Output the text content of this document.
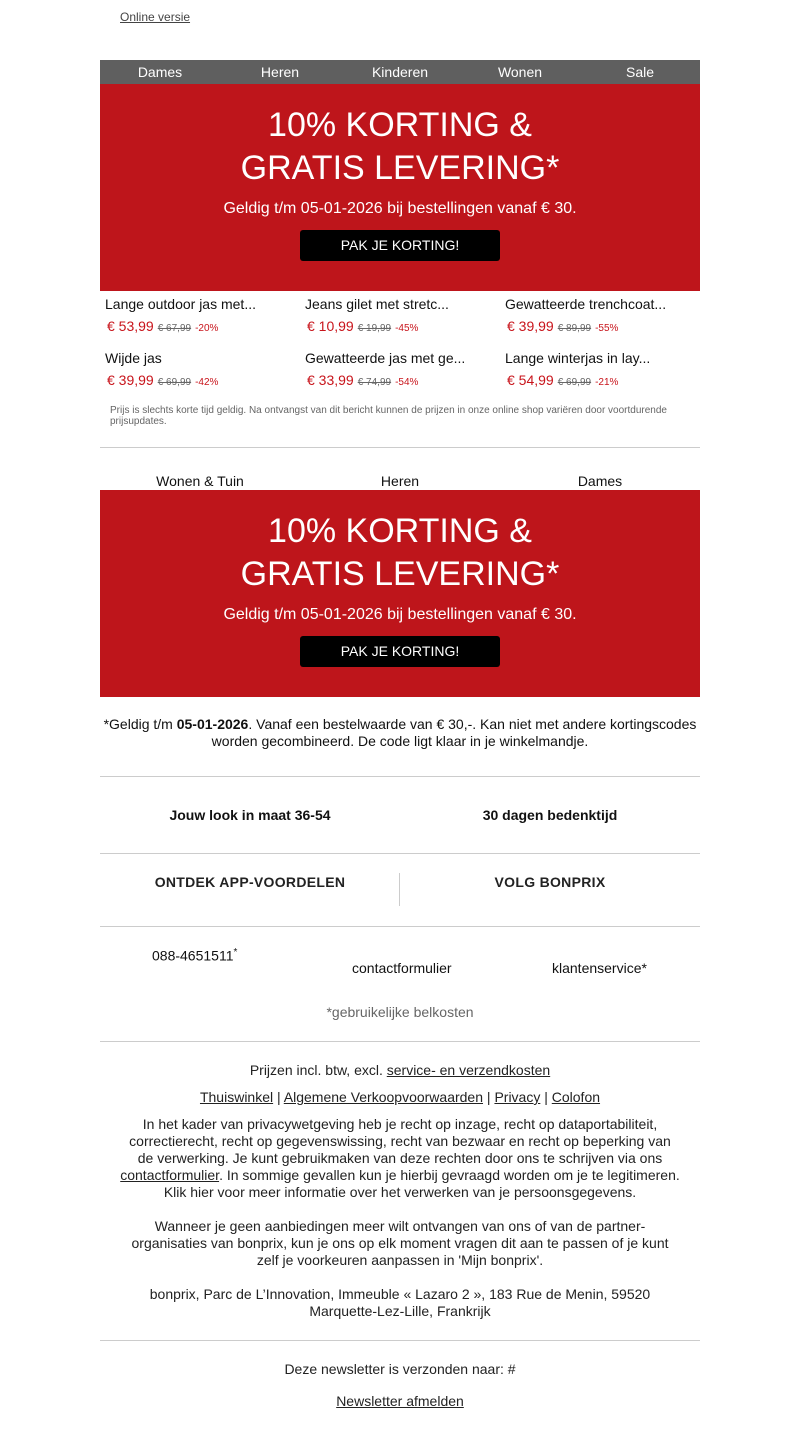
Online versie
Dames	Heren	Kinderen	Wonen	Sale
10% KORTING &
GRATIS LEVERING*
Geldig t/m 05-01-2026 bij bestellingen vanaf € 30.
PAK JE KORTING!
Lange outdoor jas met...
€ 53,99 € 67,99 -20%
Jeans gilet met stretc...
€ 10,99 € 19,99 -45%
Gewatteerde trenchcoat...
€ 39,99 € 89,99 -55%
Wijde jas
€ 39,99 € 69,99 -42%
Gewatteerde jas met ge...
€ 33,99 € 74,99 -54%
Lange winterjas in lay...
€ 54,99 € 69,99 -21%
Prijs is slechts korte tijd geldig. Na ontvangst van dit bericht kunnen de prijzen in onze online shop variëren door voortdurende prijsupdates.
Wonen & Tuin	Heren	Dames
10% KORTING &
GRATIS LEVERING*
Geldig t/m 05-01-2026 bij bestellingen vanaf € 30.
PAK JE KORTING!
*Geldig t/m 05-01-2026. Vanaf een bestelwaarde van € 30,-. Kan niet met andere kortingscodes worden gecombineerd. De code ligt klaar in je winkelmandje.
Jouw look in maat 36-54	30 dagen bedenktijd
ONTDEK APP-VOORDELEN	VOLG BONPRIX
088-4651511*
contactformulier	klantenservice*
*gebruikelijke belkosten
Prijzen incl. btw, excl. service- en verzendkosten
Thuiswinkel | Algemene Verkoopvoorwaarden | Privacy | Colofon
In het kader van privacywetgeving heb je recht op inzage, recht op dataportabiliteit, correctierecht, recht op gegevenswissing, recht van bezwaar en recht op beperking van de verwerking. Je kunt gebruikmaken van deze rechten door ons te schrijven via ons contactformulier. In sommige gevallen kun je hierbij gevraagd worden om je te legitimeren. Klik hier voor meer informatie over het verwerken van je persoonsgegevens.
Wanneer je geen aanbiedingen meer wilt ontvangen van ons of van de partner-organisaties van bonprix, kun je ons op elk moment vragen dit aan te passen of je kunt zelf je voorkeuren aanpassen in 'Mijn bonprix'.
bonprix, Parc de L’Innovation, Immeuble « Lazaro 2 », 183 Rue de Menin, 59520 Marquette-Lez-Lille, Frankrijk
Deze newsletter is verzonden naar: #
Newsletter afmelden
